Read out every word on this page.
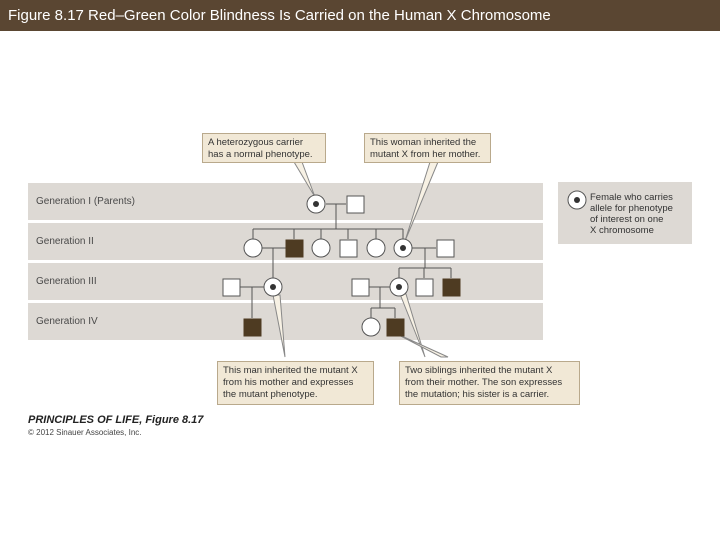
Figure 8.17 Red–Green Color Blindness Is Carried on the Human X Chromosome
Generation I (Parents)
Generation II
Generation III
Generation IV
A heterozygous carrier
has a normal phenotype.
This woman inherited the
mutant X from her mother.
This man inherited the mutant X
from his mother and expresses
the mutant phenotype.
Two siblings inherited the mutant X
from their mother. The son expresses
the mutation; his sister is a carrier.
Female who carries
allele for phenotype
of interest on one
X chromosome
PRINCIPLES OF LIFE, Figure 8.17
© 2012 Sinauer Associates, Inc.
